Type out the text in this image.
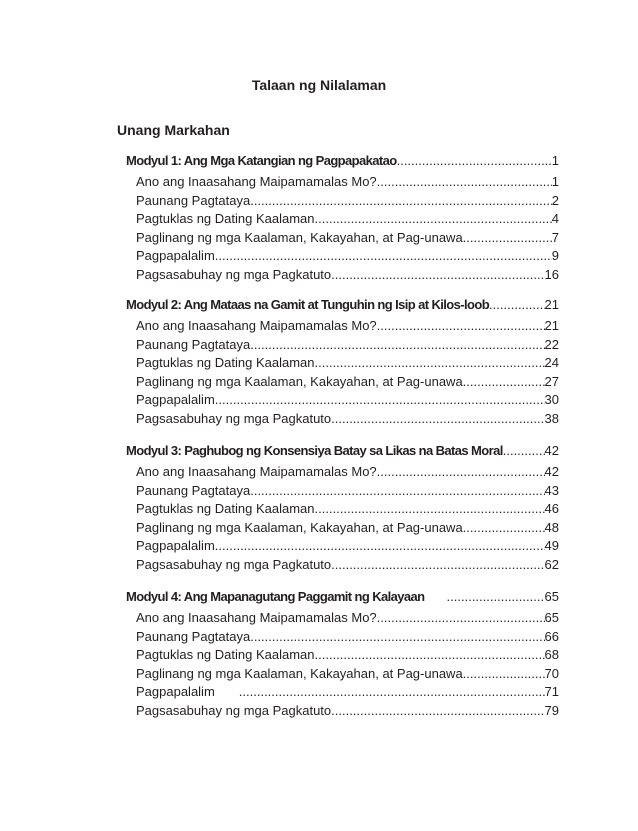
Talaan ng Nilalaman
Unang Markahan
Modyul 1: Ang Mga Katangian ng Pagpapakatao .....	1
Ano ang Inaasahang Maipamamalas Mo? .....	1
Paunang Pagtataya .....	2
Pagtuklas ng Dating Kaalaman .....	4
Paglinang ng mga Kaalaman, Kakayahan, at Pag-unawa .....	7
Pagpapalalim .....	9
Pagsasabuhay ng mga Pagkatuto .....	16
Modyul 2: Ang Mataas na Gamit at Tunguhin ng Isip at Kilos-loob .....	21
Ano ang Inaasahang Maipamamalas Mo? .....	21
Paunang Pagtataya .....	22
Pagtuklas ng Dating Kaalaman .....	24
Paglinang ng mga Kaalaman, Kakayahan, at Pag-unawa .....	27
Pagpapalalim .....	30
Pagsasabuhay ng mga Pagkatuto .....	38
Modyul 3: Paghubog ng Konsensiya Batay sa Likas na Batas Moral .....	42
Ano ang Inaasahang Maipamamalas Mo? .....	42
Paunang Pagtataya .....	43
Pagtuklas ng Dating Kaalaman .....	46
Paglinang ng mga Kaalaman, Kakayahan, at Pag-unawa .....	48
Pagpapalalim .....	49
Pagsasabuhay ng mga Pagkatuto .....	62
Modyul 4: Ang Mapanagutang Paggamit ng Kalayaan .....	65
Ano ang Inaasahang Maipamamalas Mo? .....	65
Paunang Pagtataya .....	66
Pagtuklas ng Dating Kaalaman .....	68
Paglinang ng mga Kaalaman, Kakayahan, at Pag-unawa .....	70
Pagpapalalim .....	71
Pagsasabuhay ng mga Pagkatuto .....	79
